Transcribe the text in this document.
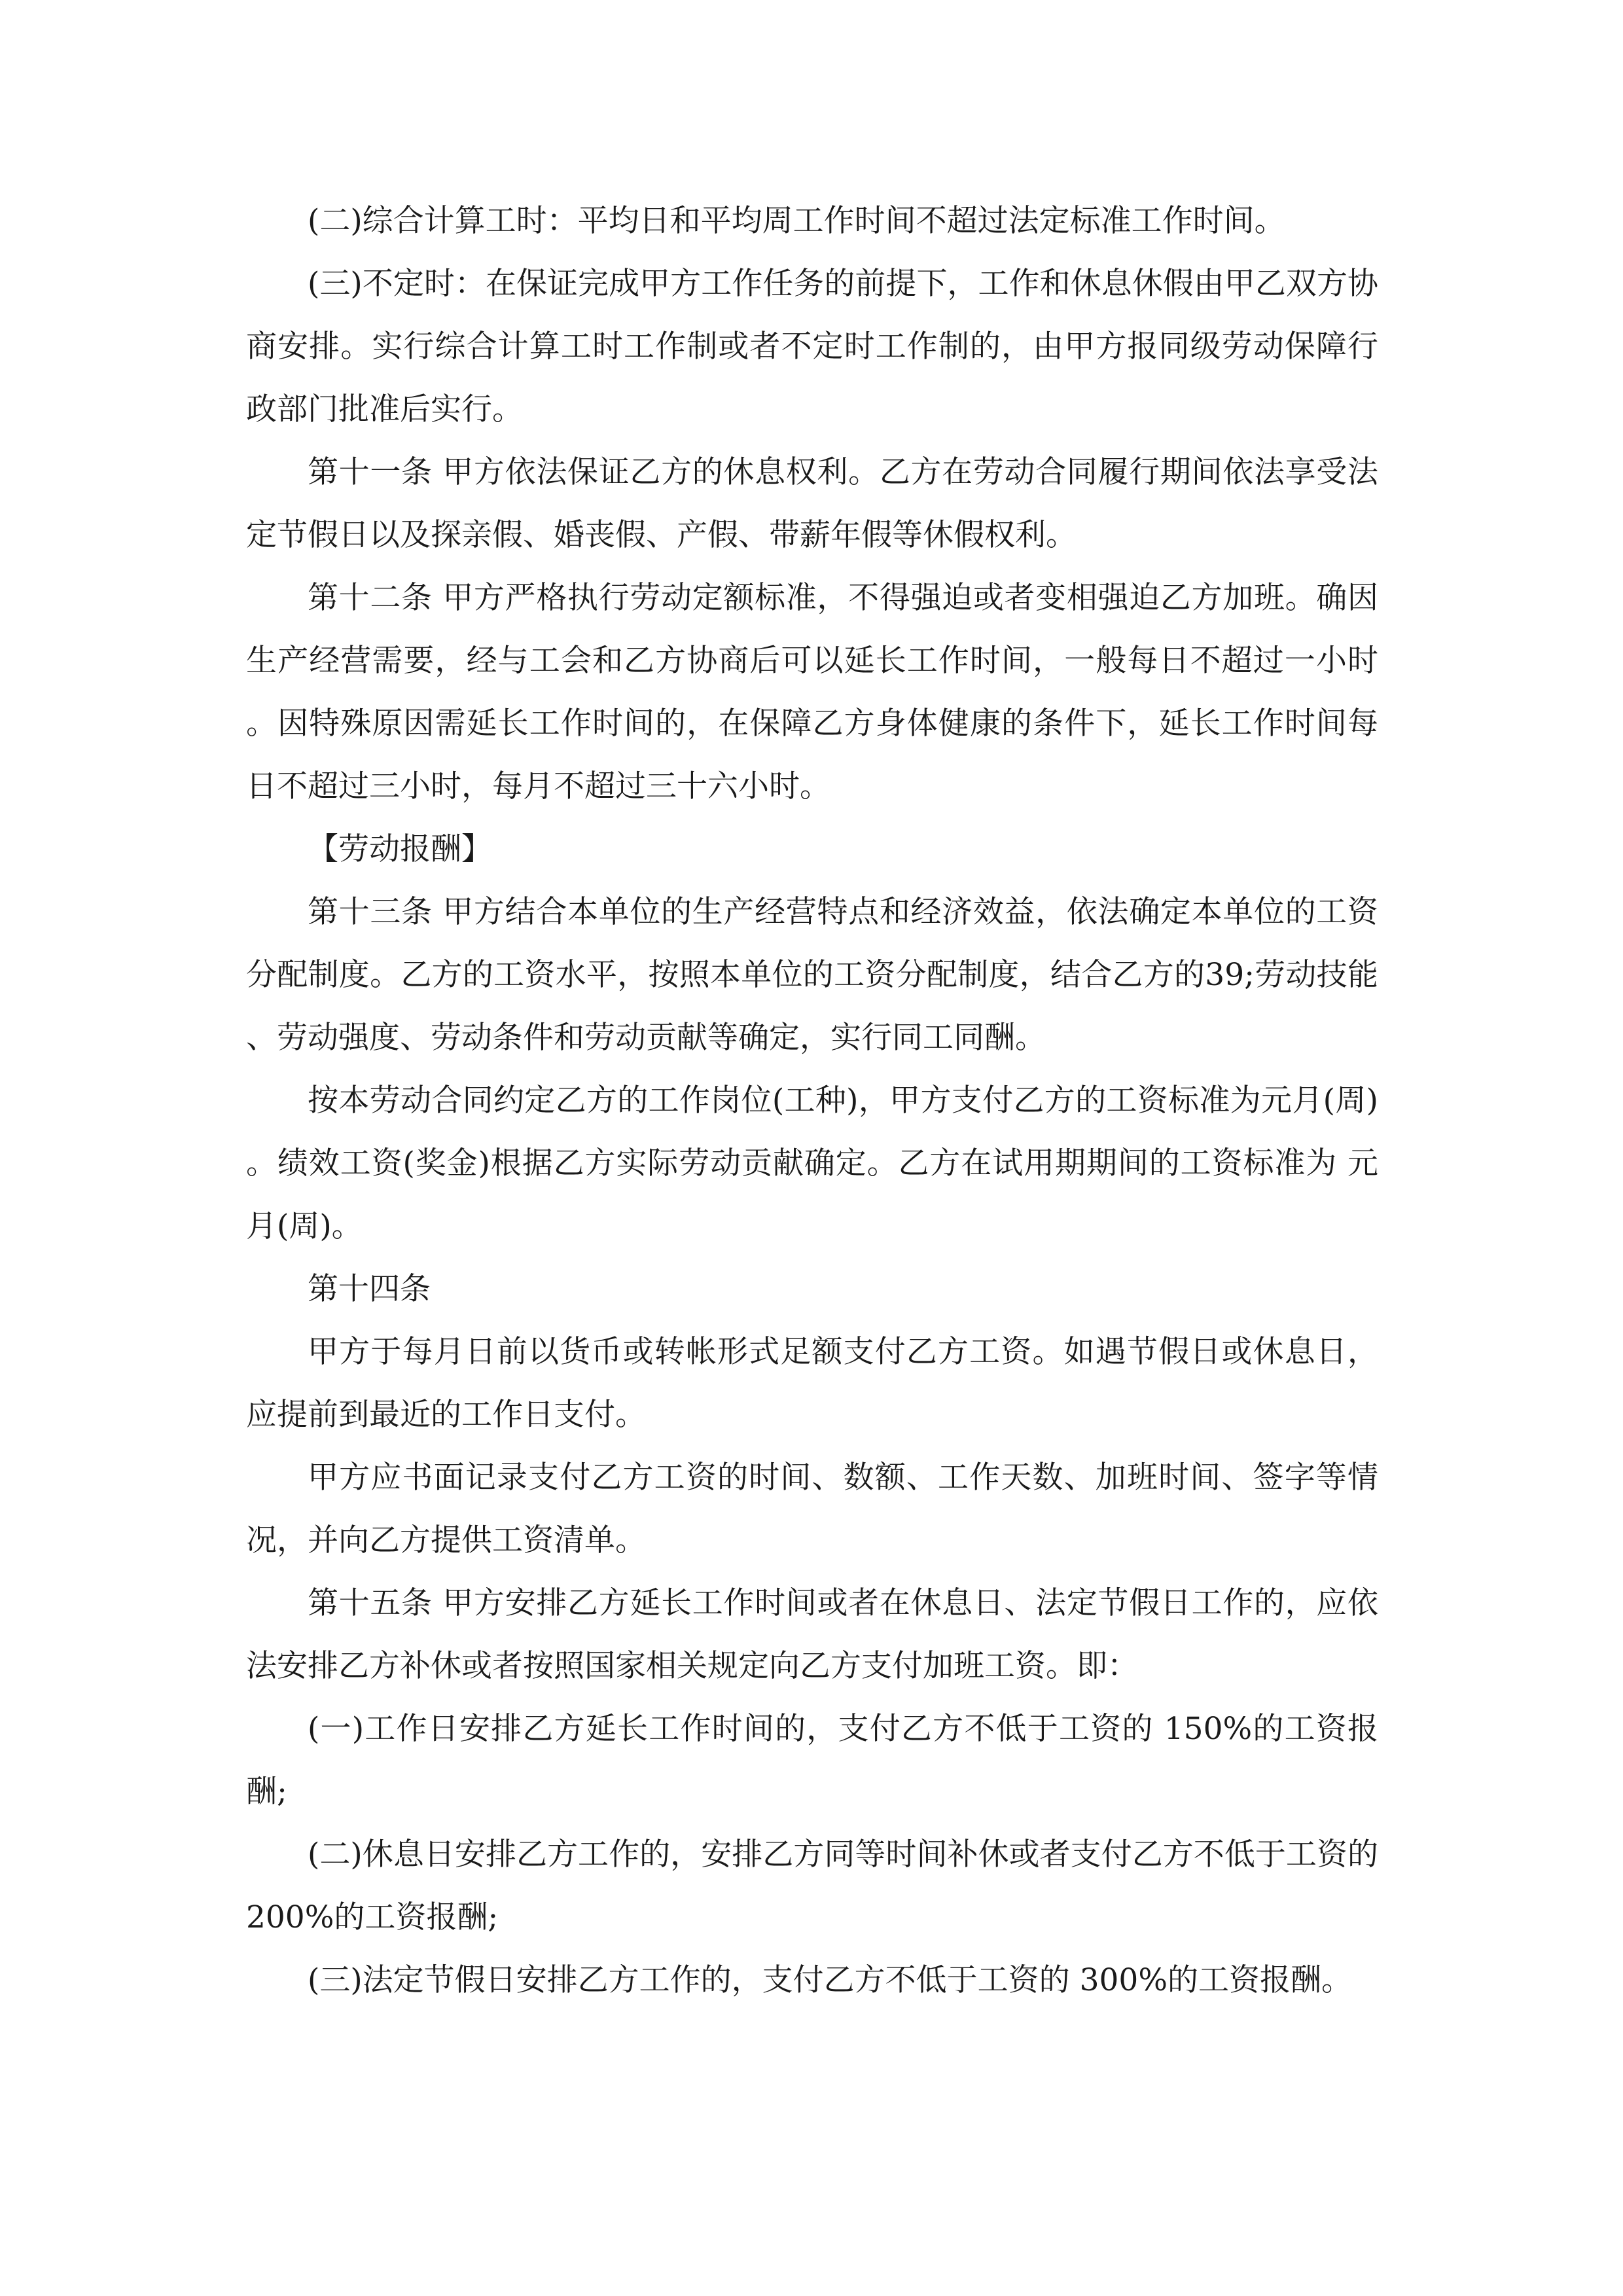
(二)综合计算工时：平均日和平均周工作时间不超过法定标准工作时间。

(三)不定时：在保证完成甲方工作任务的前提下，工作和休息休假由甲乙双方协商安排。实行综合计算工时工作制或者不定时工作制的，由甲方报同级劳动保障行政部门批准后实行。

第十一条 甲方依法保证乙方的休息权利。乙方在劳动合同履行期间依法享受法定节假日以及探亲假、婚丧假、产假、带薪年假等休假权利。

第十二条 甲方严格执行劳动定额标准，不得强迫或者变相强迫乙方加班。确因生产经营需要，经与工会和乙方协商后可以延长工作时间，一般每日不超过一小时。因特殊原因需延长工作时间的，在保障乙方身体健康的条件下，延长工作时间每日不超过三小时，每月不超过三十六小时。

【劳动报酬】

第十三条 甲方结合本单位的生产经营特点和经济效益，依法确定本单位的工资分配制度。乙方的工资水平，按照本单位的工资分配制度，结合乙方的39;劳动技能、劳动强度、劳动条件和劳动贡献等确定，实行同工同酬。

按本劳动合同约定乙方的工作岗位(工种)，甲方支付乙方的工资标准为元月(周)。绩效工资(奖金)根据乙方实际劳动贡献确定。乙方在试用期期间的工资标准为 元月(周)。

第十四条

甲方于每月日前以货币或转帐形式足额支付乙方工资。如遇节假日或休息日，应提前到最近的工作日支付。

甲方应书面记录支付乙方工资的时间、数额、工作天数、加班时间、签字等情况，并向乙方提供工资清单。

第十五条 甲方安排乙方延长工作时间或者在休息日、法定节假日工作的，应依法安排乙方补休或者按照国家相关规定向乙方支付加班工资。即：

(一)工作日安排乙方延长工作时间的，支付乙方不低于工资的 150%的工资报酬;

(二)休息日安排乙方工作的，安排乙方同等时间补休或者支付乙方不低于工资的 200%的工资报酬;

(三)法定节假日安排乙方工作的，支付乙方不低于工资的 300%的工资报酬。
